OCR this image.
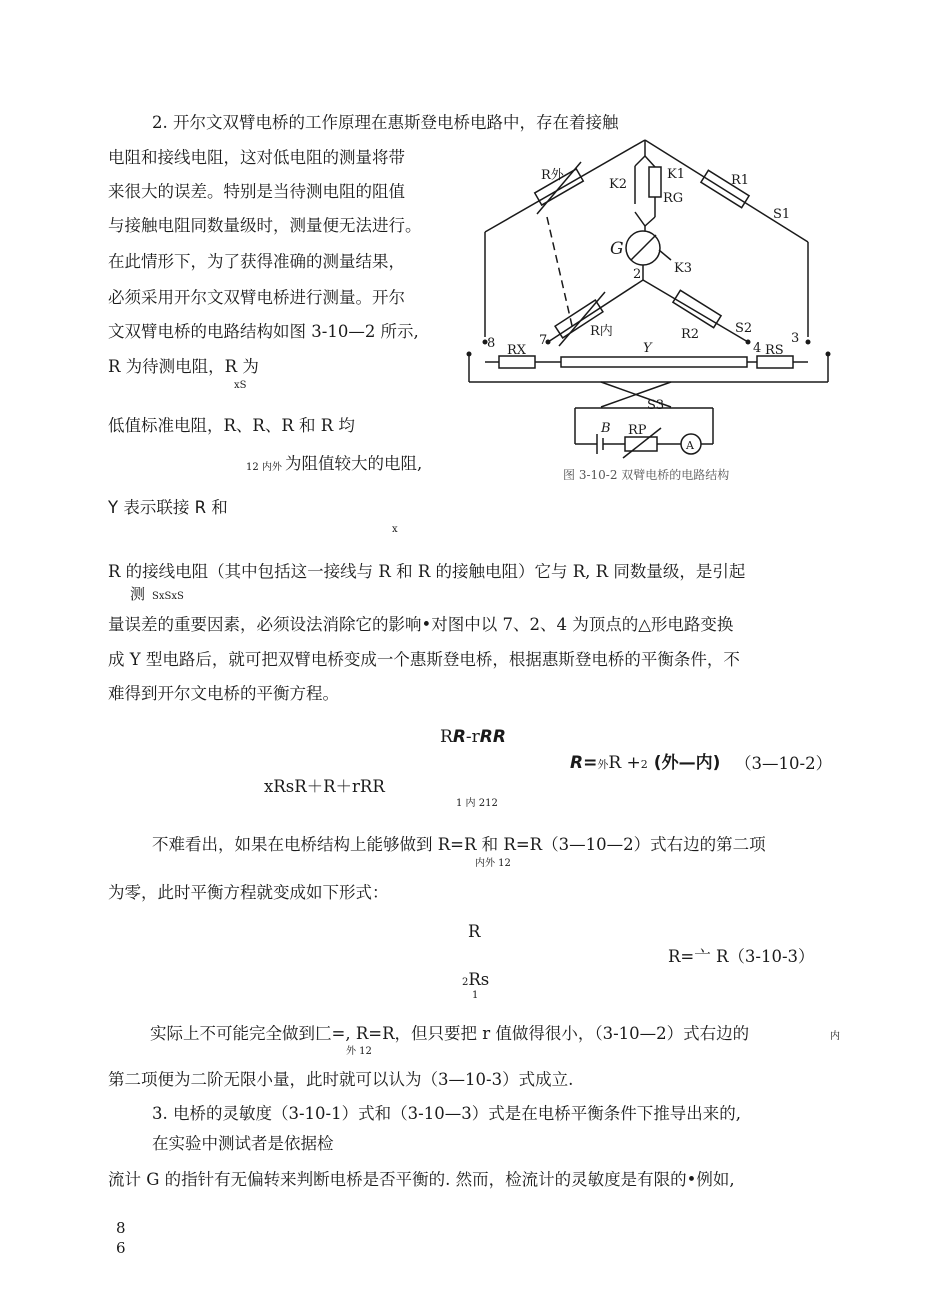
2. 开尔文双臂电桥的工作原理在惠斯登电桥电路中，存在着接触
电阻和接线电阻，这对低电阻的测量将带
来很大的误差。特别是当待测电阻的阻值
与接触电阻同数量级时，测量便无法进行。
在此情形下，为了获得准确的测量结果，
必须采用开尔文双臂电桥进行测量。开尔
文双臂电桥的电路结构如图 3-10—2 所示,
R 为待测电阻，R 为
xS
低值标准电阻，R、R、R 和 R 均
12 内外 为阻值较大的电阻,
Y 表示联接 R 和
x
R 的接线电阻（其中包括这一接线与 R 和 R 的接触电阻）它与 R, R 同数量级，是引起
测 SxSxS
量误差的重要因素，必须设法消除它的影响•对图中以 7、2、4 为顶点的△形电路变换
成 Y 型电路后，就可把双臂电桥变成一个惠斯登电桥，根据惠斯登电桥的平衡条件，不
难得到开尔文电桥的平衡方程。
RR-rRR
R=外R +2 (外—内) （3—10-2）
xRsR＋R＋rRR
1 内 212
不难看出，如果在电桥结构上能够做到 R=R 和 R=R（3—10—2）式右边的第二项
内外 12
为零，此时平衡方程就变成如下形式：
R
R=亠 R（3-10-3）
2Rs
1
实际上不可能完全做到匚=, R=R，但只要把 r 值做得很小，（3-10—2）式右边的	内
外 12
第二项便为二阶无限小量，此时就可以认为（3—10-3）式成立.
3. 电桥的灵敏度（3-10-1）式和（3-10—3）式是在电桥平衡条件下推导出来的,
在实验中测试者是依据检
流计 G 的指针有无偏转来判断电桥是否平衡的. 然而，检流计的灵敏度是有限的•例如,
8
6
R外
K2
K1
RG
R1
S1
G
2	K3
R内	R2	S2
8	7
4
3
RX	Y	RS
S3
B RP
A
图 3-10-2 双臂电桥的电路结构
